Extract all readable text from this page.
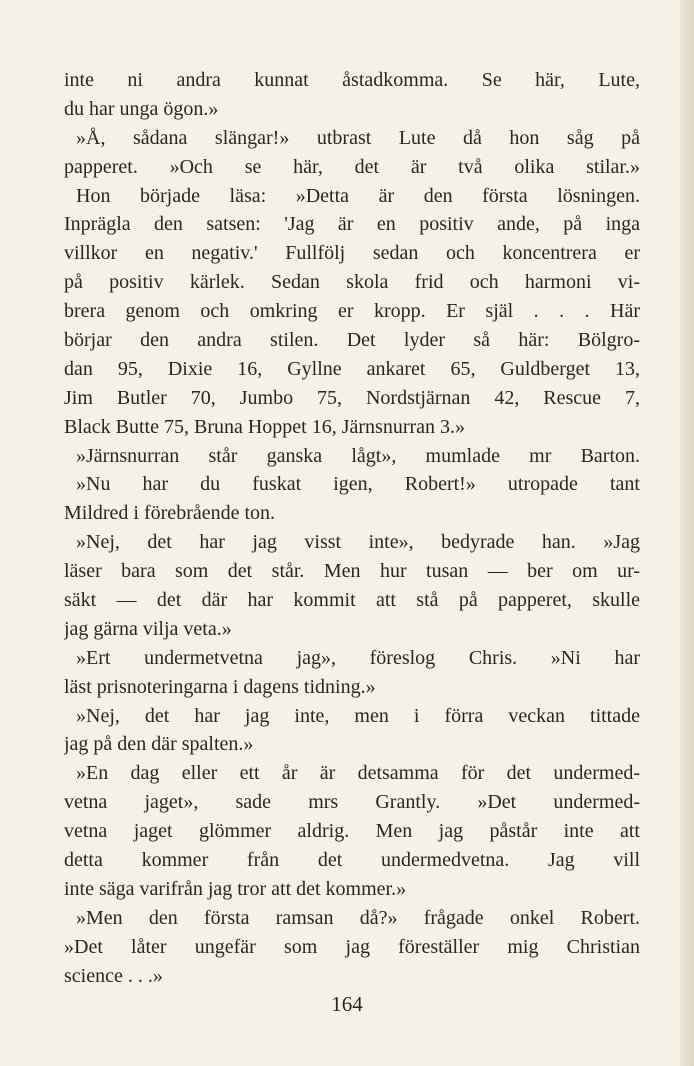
inte ni andra kunnat åstadkomma. Se här, Lute,
du har unga ögon.»
»Å, sådana slängar!» utbrast Lute då hon såg på
papperet. »Och se här, det är två olika stilar.»
Hon började läsa: »Detta är den första lösningen.
Inprägla den satsen: 'Jag är en positiv ande, på inga
villkor en negativ.' Fullfölj sedan och koncentrera er
på positiv kärlek. Sedan skola frid och harmoni vi-
brera genom och omkring er kropp. Er själ . . . Här
börjar den andra stilen. Det lyder så här: Bölgro-
dan 95, Dixie 16, Gyllne ankaret 65, Guldberget 13,
Jim Butler 70, Jumbo 75, Nordstjärnan 42, Rescue 7,
Black Butte 75, Bruna Hoppet 16, Järnsnurran 3.»
»Järnsnurran står ganska lågt», mumlade mr Barton.
»Nu har du fuskat igen, Robert!» utropade tant
Mildred i förebrående ton.
»Nej, det har jag visst inte», bedyrade han. »Jag
läser bara som det står. Men hur tusan — ber om ur-
säkt — det där har kommit att stå på papperet, skulle
jag gärna vilja veta.»
»Ert undermetvetna jag», föreslog Chris. »Ni har
läst prisnoteringarna i dagens tidning.»
»Nej, det har jag inte, men i förra veckan tittade
jag på den där spalten.»
»En dag eller ett år är detsamma för det undermed-
vetna jaget», sade mrs Grantly. »Det undermed-
vetna jaget glömmer aldrig. Men jag påstår inte att
detta kommer från det undermedvetna. Jag vill
inte säga varifrån jag tror att det kommer.»
»Men den första ramsan då?» frågade onkel Robert.
»Det låter ungefär som jag föreställer mig Christian
science . . .»
164
